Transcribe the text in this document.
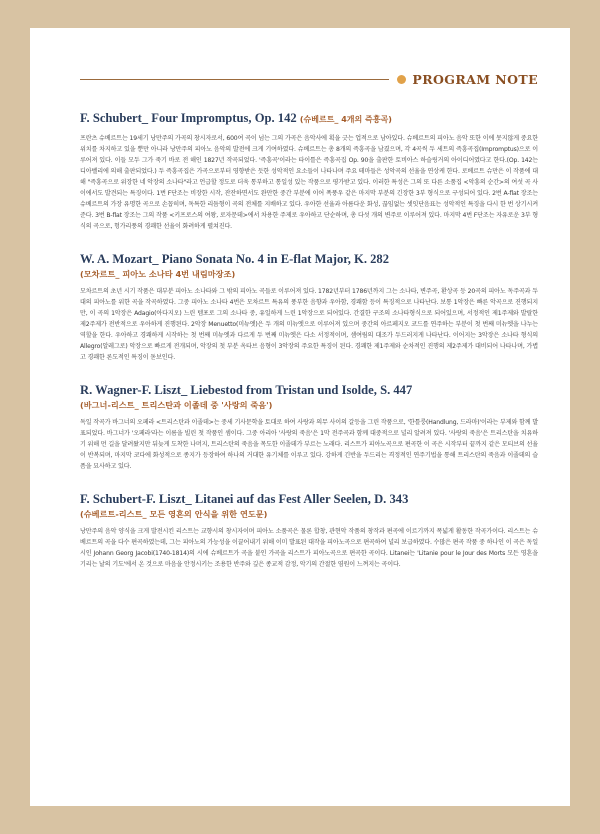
PROGRAM NOTE
F. Schubert_ Four Impromptus, Op. 142 (슈베르트_ 4개의 즉흥곡)
프란츠 슈베르트는 19세기 낭만주의 가곡의 창시자로서, 600여 곡이 넘는 그의 가곡은 음악사에 획을 긋는 업적으로 남아있다. 슈베르트의 피아노 음악 또한 이에 못지않게 중요한 위치를 차지하고 있을 뿐만 아니라 낭만주의 피아노 음악의 발전에 크게 기여하였다. 슈베르트는 총 8개의 즉흥곡을 남겼으며, 각 4곡씩 두 세트의 즉흥곡집(Impromptus)으로 이루어져 있다. 이들 모두 그가 죽기 바로 전 해인 1827년 작곡되었다. '즉흥곡'이라는 타이틀은 즉흥곡집 Op. 90을 출판한 토비아스 하슬링거의 아이디어였다고 한다.(Op. 142는 디아벨리에 의해 출판되었다.) 두 즉흥곡집은 가곡으로부터 영향받은 듯한 성악적인 요소들이 나타나며 주요 테마들은 성악곡의 선율을 연상케 한다. 로베르트 슈만은 이 작품에 대해 "즉흥곡으로 위장한 네 악장의 소나타"라고 언급할 정도로 더욱 통부하고 통일성 있는 작품으로 평가받고 있다. 이러한 특성은 그의 또 다른 소품집 <악흥의 순간>의 여섯 곡 사이에서도 발견되는 특징이다. 1번 F단조는 비장한 시작, 잔잔하면서도 완만한 중간 부분에 이어 폭풍우 같은 마지막 부분의 긴장한 3부 형식으로 구성되어 있다. 2번 A-flat 장조는 슈베르트의 가장 유명한 곡으로 손꼽히며, 독특한 리듬형이 곡의 전체를 지배하고 있다. 우아한 선율과 아름다운 화성, 끊임없는 셋잇단음표는 성악적인 특징을 다시 한 번 상기시켜준다. 3번 B-flat 장조는 그의 작품 <키프로스의 여왕, 로자문데>에서 차용한 주제로 우아하고 단순하며, 총 다섯 개의 변주로 이루어져 있다. 마지막 4번 F단조는 자유로운 3부 형식의 곡으로, 헝가리풍의 경쾌한 선율이 화려하게 펼쳐진다.
W. A. Mozart_ Piano Sonata No. 4 in E-flat Major, K. 282
(모차르트_ 피아노 소나타 4번 내림마장조)
모차르트의 초년 시기 작품은 대부분 피아노 소나타와 그 밖의 피아노 곡들로 이루어져 있다. 1782년부터 1786년까지 그는 소나타, 변주곡, 환상곡 등 20곡의 피아노 독주곡과 두 대의 피아노를 위한 곡을 작곡하였다. 그중 피아노 소나타 4번은 모차르트 특유의 풍부한 음향과 우아함, 경쾌함 등이 특징적으로 나타난다. 보통 1악장은 빠른 악곡으로 진행되지만, 이 곡의 1악장은 Adagio(아다지오) 느린 템포로 그의 소나타 중, 유일하게 느린 1악장으로 되어있다. 간결한 구조의 소나타형식으로 되어있으며, 서정적인 제1주제와 발랄한 제2주제가 전반적으로 우아하게 진행된다. 2악장 Menuetto(미뉴엣)은 두 개의 미뉴엣으로 이루어져 있으며 중간의 아르페지오 코드를 연주하는 부분이 첫 번째 미뉴엣을 나누는 역할을 한다. 우아하고 경쾌하게 시작하는 첫 번째 미뉴엣과 다르게 두 번째 미뉴엣은 다소 서정적이며, 셈여림의 대조가 두드러지게 나타난다. 이어지는 3악장은 소나타 형식의 Allegro(알레그로) 악장으로 빠르게 전개되며, 악장의 첫 부분 옥타브 음형이 3악장의 주요한 특징이 된다. 경쾌한 제1주제와 순차적인 진행의 제2주제가 대비되어 나타나며, 가볍고 경쾌한 론도적인 특징이 돋보인다.
R. Wagner-F. Liszt_ Liebestod from Tristan und Isolde, S. 447
(바그너-리스트_ 트리스탄과 이졸데 중 '사랑의 죽음')
독일 작곡가 바그너의 오페라 <트리스탄과 이졸데>는 중세 기사문학을 토대로 하여 사랑과 의무 사이의 갈등을 그린 작품으로, '한틀룽(Handlung, 드라마)'이라는 부제와 함께 발표되었다. 바그너가 '오페라'라는 이름을 빌린 첫 작품인 셈이다. 그중 아리아 '사랑의 죽음'은 1막 전주곡과 함께 대중적으로 널리 알려져 있다. '사랑의 죽음'은 트리스탄을 치유하기 위해 먼 길을 달려왔지만 뒤늦게 도착한 나머지, 트리스탄의 죽음을 목도한 이졸데가 부르는 노래다. 리스트가 피아노곡으로 편곡한 이 곡은 시작부터 끝까지 같은 모티브의 선율이 반복되며, 마지막 코다에 화성적으로 종지가 등장하여 하나의 거대한 유기체를 이루고 있다. 강하게 긴반을 두드리는 격정적인 연주기법을 통해 트리스탄의 죽음과 이졸데의 슬픔을 묘사하고 있다.
F. Schubert-F. Liszt_ Litanei auf das Fest Aller Seelen, D. 343
(슈베르트-리스트_ 모든 영혼의 안식을 위한 연도문)
낭만주의 음악 양식을 크게 발전시킨 리스트는 교향시의 창시자이며 피아노 소품곡은 물론 합창, 관현악 작품의 창작과 편곡에 이르기까지 폭넓게 활동한 작곡가이다. 리스트는 슈베르트의 곡을 다수 편곡하였는데, 그는 피아노의 가능성을 이끌어내기 위해 이미 발표된 대작을 피아노곡으로 편곡하여 널리 보급하였다. 수많은 편곡 작품 중 하나인 이 곡은 독일 시인 Johann Georg Jacobi(1740-1814)의 시에 슈베르트가 곡을 붙인 가곡을 리스트가 피아노곡으로 편곡한 곡이다. Litanei는 'Litanie pour le Jour des Morts 모든 영혼을 기리는 날의 기도'에서 온 것으로 마음을 안정시키는 조용한 반주와 깊은 종교적 감정, 악기의 간절한 염원이 느껴지는 곡이다.
